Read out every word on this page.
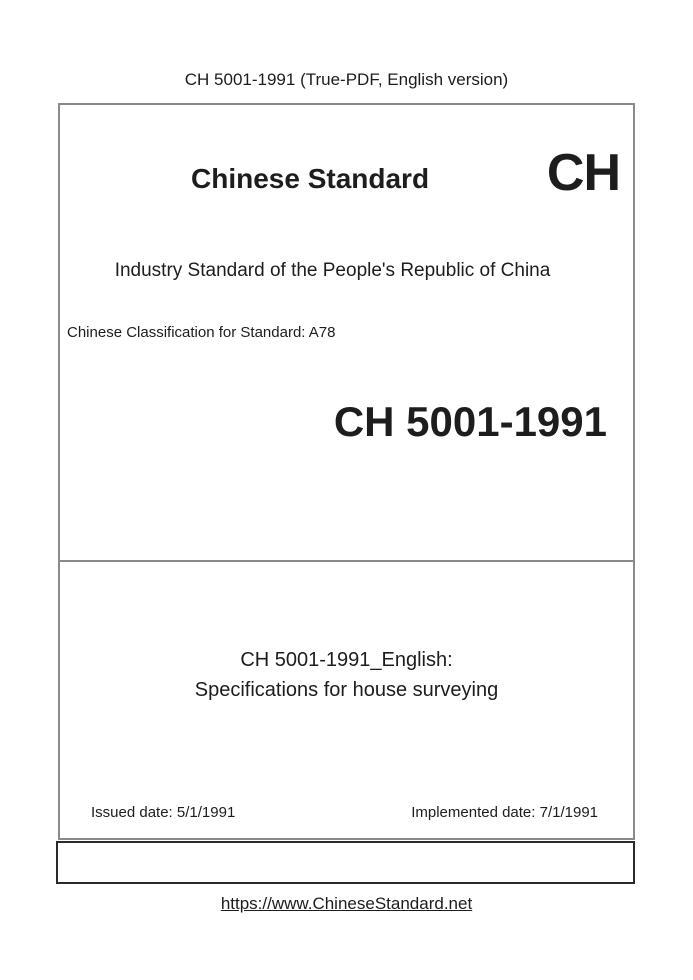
CH 5001-1991 (True-PDF, English version)
Chinese Standard CH
Industry Standard of the People's Republic of China
Chinese Classification for Standard: A78
CH 5001-1991
CH 5001-1991_English:
Specifications for house surveying
Issued date: 5/1/1991	Implemented date: 7/1/1991
https://www.ChineseStandard.net
